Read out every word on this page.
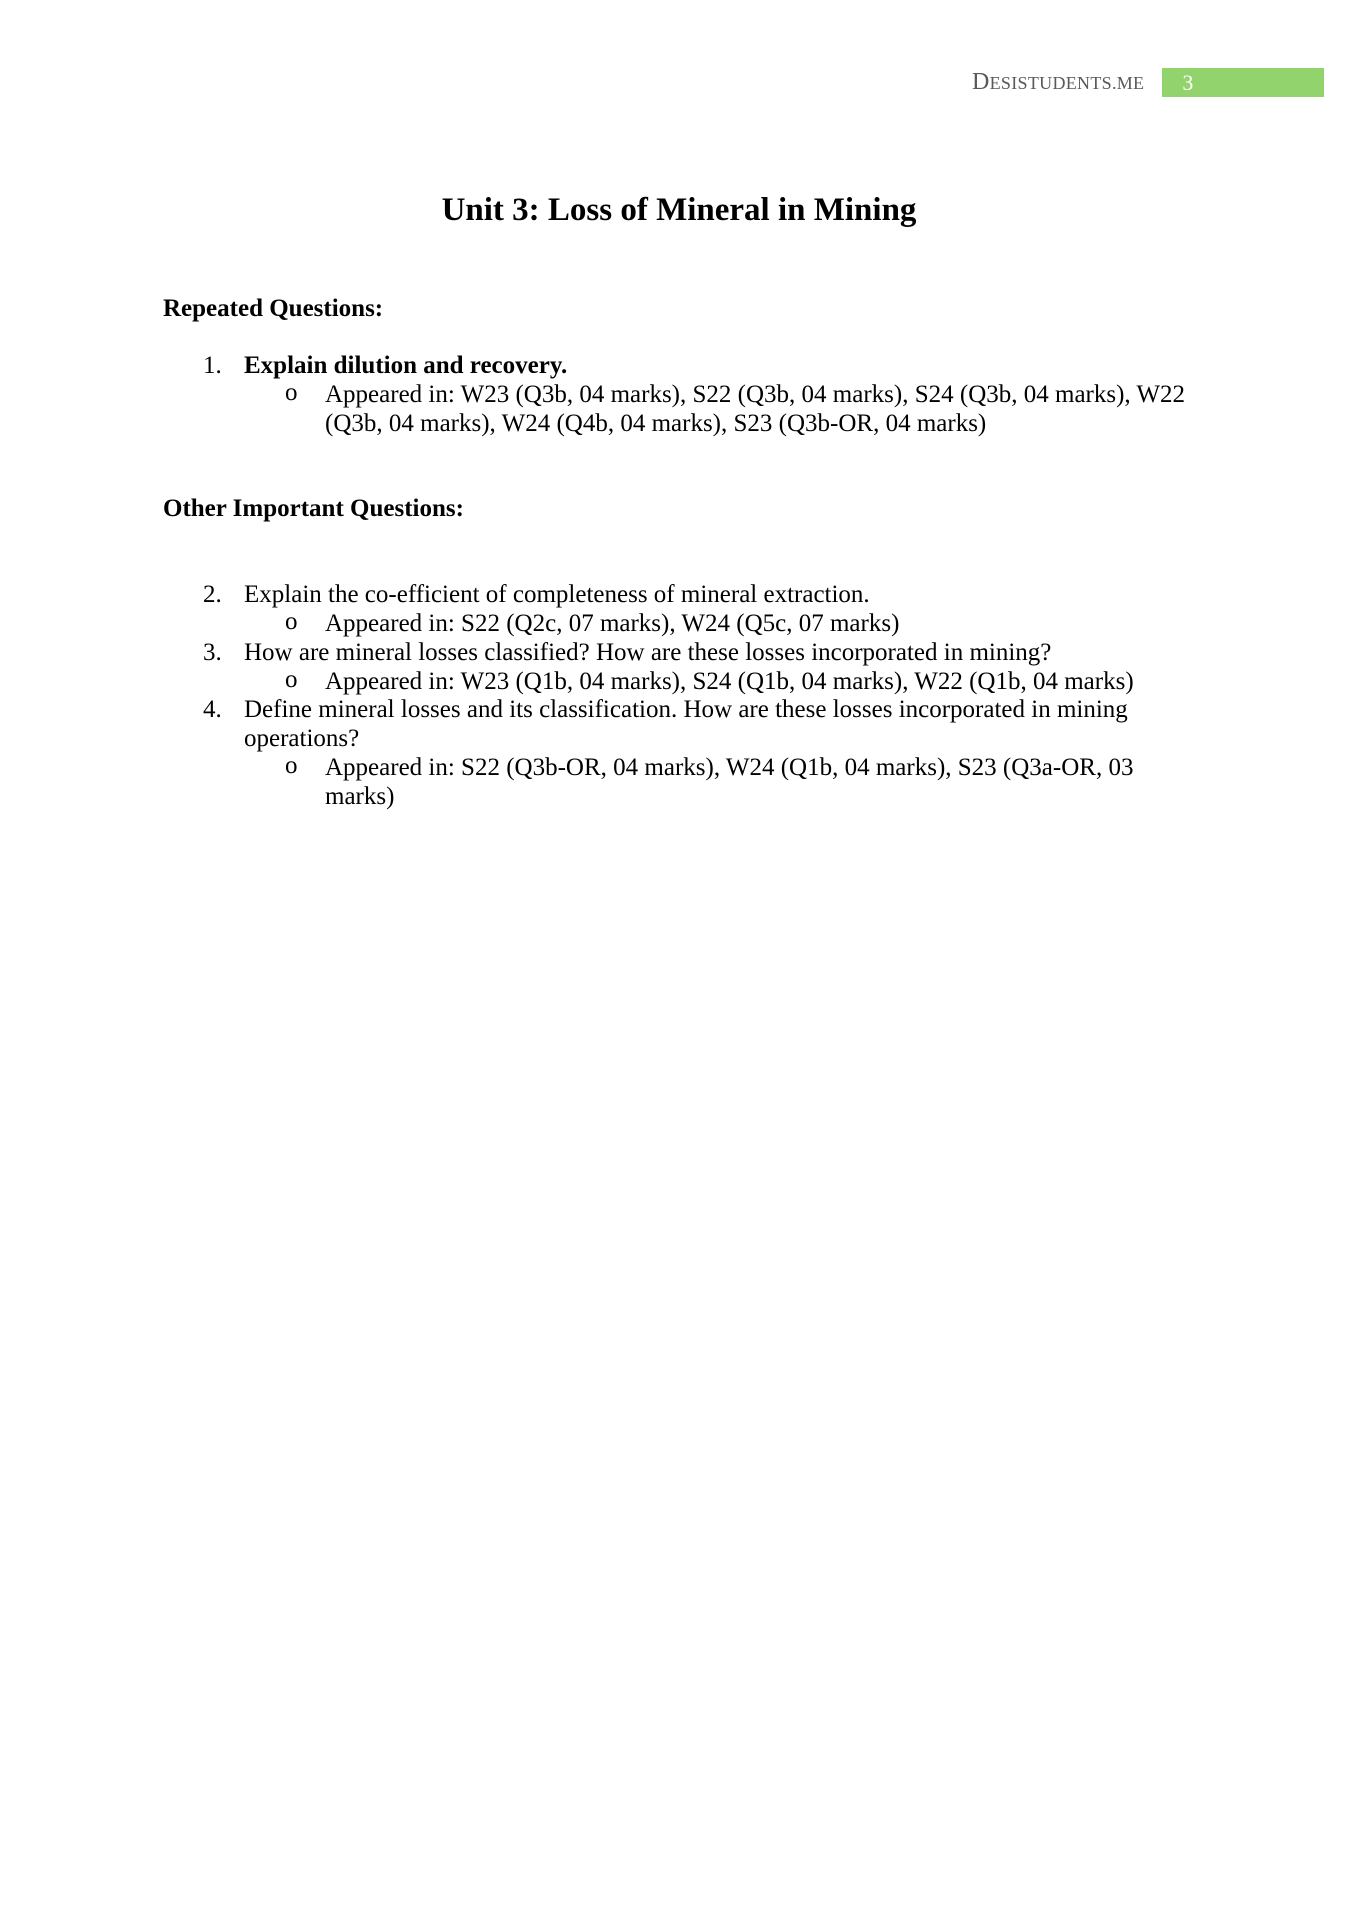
DESISTUDENTS.ME	3
Unit 3: Loss of Mineral in Mining
Repeated Questions:
1. Explain dilution and recovery.
o Appeared in: W23 (Q3b, 04 marks), S22 (Q3b, 04 marks), S24 (Q3b, 04 marks), W22
(Q3b, 04 marks), W24 (Q4b, 04 marks), S23 (Q3b-OR, 04 marks)
Other Important Questions:
2. Explain the co-efficient of completeness of mineral extraction.
o Appeared in: S22 (Q2c, 07 marks), W24 (Q5c, 07 marks)
3. How are mineral losses classified? How are these losses incorporated in mining?
o Appeared in: W23 (Q1b, 04 marks), S24 (Q1b, 04 marks), W22 (Q1b, 04 marks)
4. Define mineral losses and its classification. How are these losses incorporated in mining
operations?
o Appeared in: S22 (Q3b-OR, 04 marks), W24 (Q1b, 04 marks), S23 (Q3a-OR, 03
marks)
